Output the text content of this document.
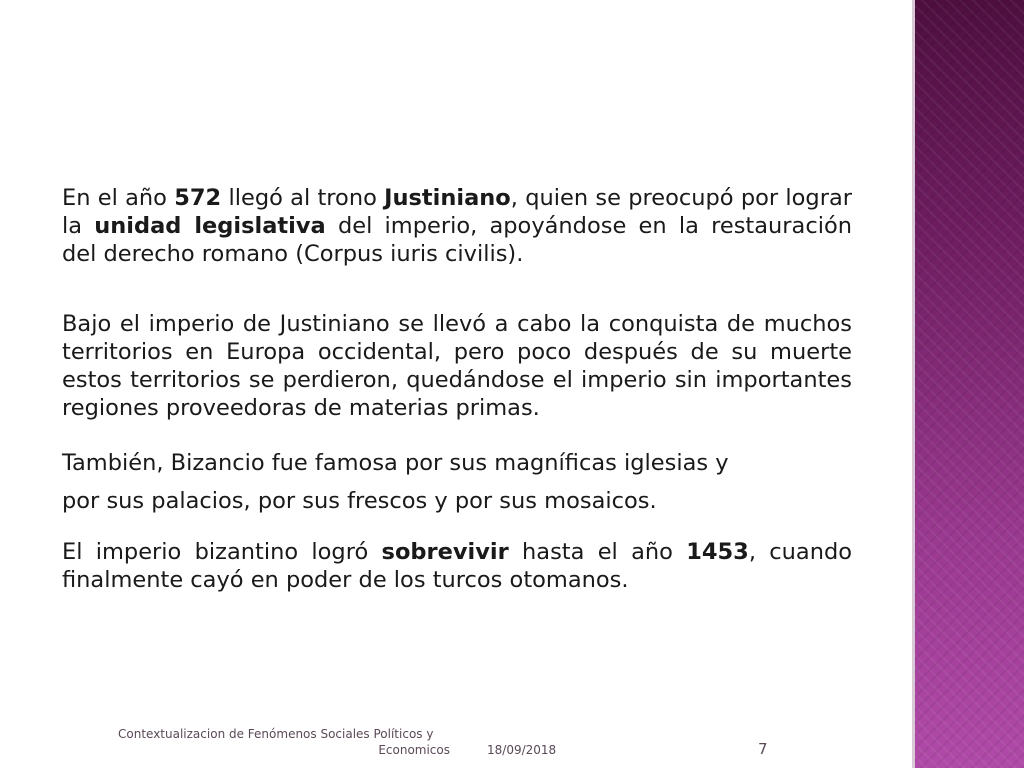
En el año 572 llegó al trono Justiniano, quien se preocupó por lograr la unidad legislativa del imperio, apoyándose en la restauración del derecho romano (Corpus iuris civilis).

Bajo el imperio de Justiniano se llevó a cabo la conquista de muchos territorios en Europa occidental, pero poco después de su muerte estos territorios se perdieron, quedándose el imperio sin importantes regiones proveedoras de materias primas.

También, Bizancio fue famosa por sus magníficas iglesias y
por sus palacios, por sus frescos y por sus mosaicos.

El imperio bizantino logró sobrevivir hasta el año 1453, cuando finalmente cayó en poder de los turcos otomanos.

Contextualizacion de Fenómenos Sociales Políticos y
Economicos	18/09/2018	7
